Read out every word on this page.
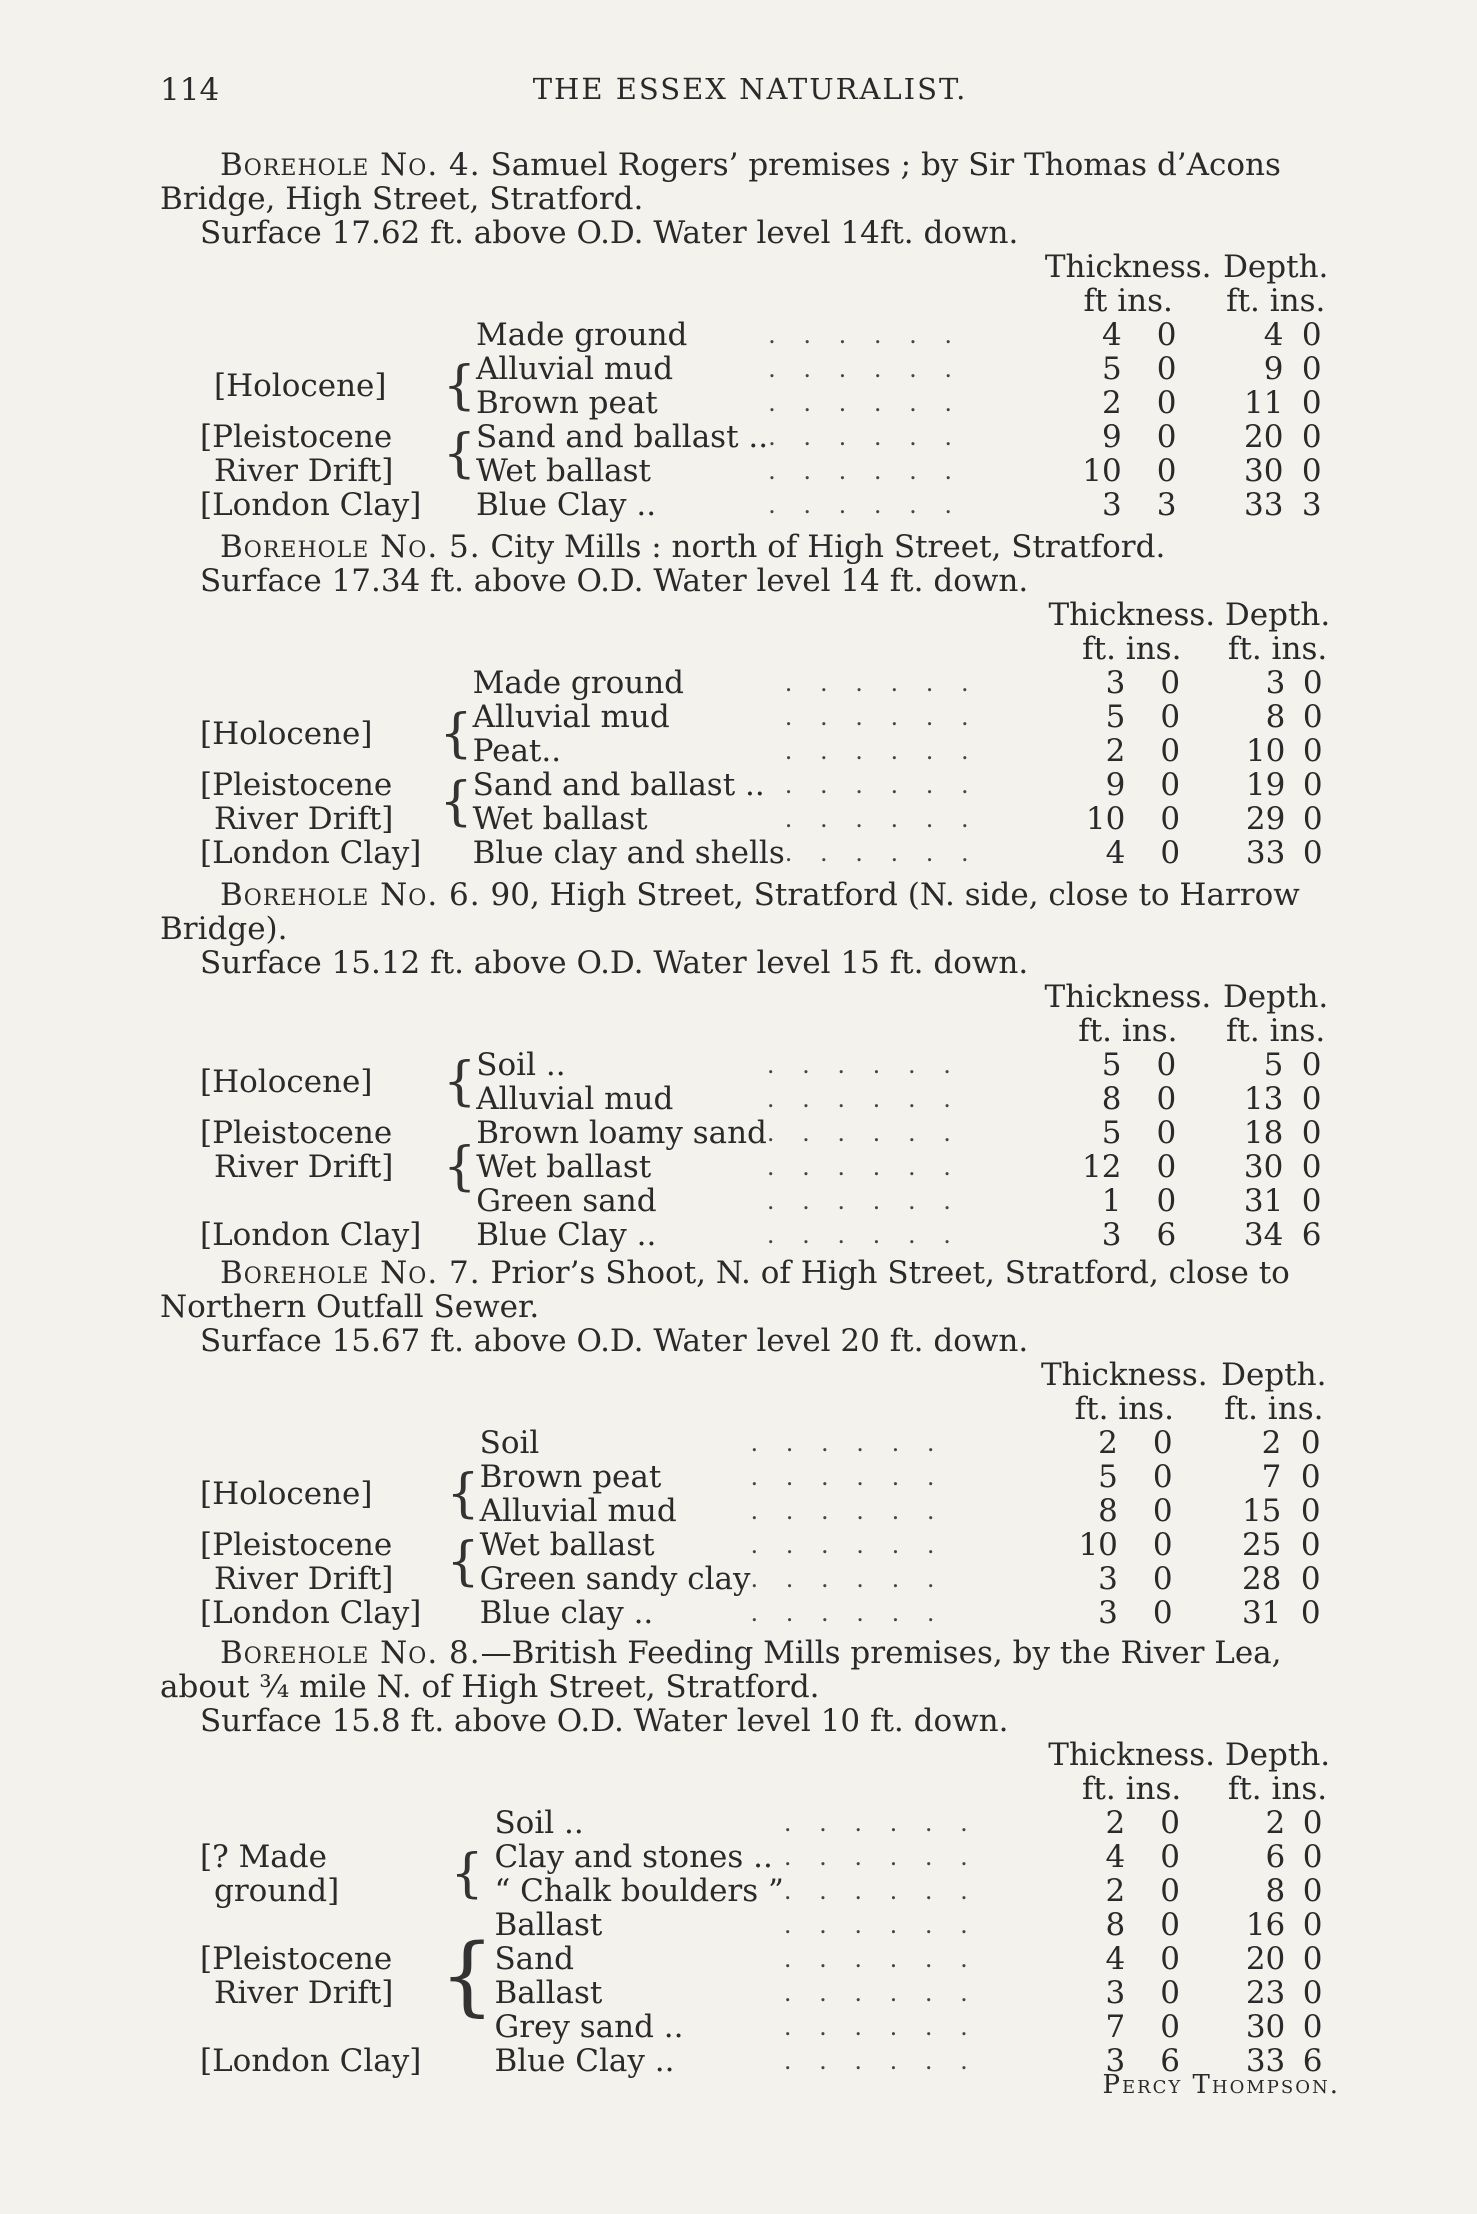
114	THE ESSEX NATURALIST.

Borehole No. 4. Samuel Rogers’ premises ; by Sir Thomas d’Acons Bridge, High Street, Stratford.

Surface 17.62 ft. above O.D. Water level 14ft. down.

				Thickness.		Depth.	
				ft ins.		ft. ins.	
		Made ground	. . . . . .	4	0	4	0
[Holocene]	{	Alluvial mud	. . . . . .	5	0	9	0
		Brown peat	. . . . . .	2	0	11	0
[Pleistocene	{	Sand and ballast ..	. . . . . .	9	0	20	0
River Drift]		Wet ballast	. . . . . .	10	0	30	0
[London Clay]		Blue Clay ..	. . . . . .	3	3	33	3

Borehole No. 5. City Mills : north of High Street, Stratford.

Surface 17.34 ft. above O.D. Water level 14 ft. down.

				Thickness.		Depth.	
				ft. ins.		ft. ins.	
		Made ground	. . . . . .	3	0	3	0
[Holocene]	{	Alluvial mud	. . . . . .	5	0	8	0
		Peat..	. . . . . .	2	0	10	0
[Pleistocene	{	Sand and ballast ..	. . . . . .	9	0	19	0
River Drift]		Wet ballast	. . . . . .	10	0	29	0
[London Clay]		Blue clay and shells	. . . . . .	4	0	33	0

Borehole No. 6. 90, High Street, Stratford (N. side, close to Harrow Bridge).

Surface 15.12 ft. above O.D. Water level 15 ft. down.

				Thickness.		Depth.	
				ft. ins.		ft. ins.	
[Holocene]	{	Soil ..	. . . . . .	5	0	5	0
		Alluvial mud	. . . . . .	8	0	13	0
[Pleistocene	{	Brown loamy sand	. . . . . .	5	0	18	0
River Drift]		Wet ballast	. . . . . .	12	0	30	0
		Green sand	. . . . . .	1	0	31	0
[London Clay]		Blue Clay ..	. . . . . .	3	6	34	6

Borehole No. 7. Prior’s Shoot, N. of High Street, Stratford, close to Northern Outfall Sewer.

Surface 15.67 ft. above O.D. Water level 20 ft. down.

				Thickness.		Depth.	
				ft. ins.		ft. ins.	
		Soil	. . . . . .	2	0	2	0
[Holocene]	{	Brown peat	. . . . . .	5	0	7	0
		Alluvial mud	. . . . . .	8	0	15	0
[Pleistocene	{	Wet ballast	. . . . . .	10	0	25	0
River Drift]		Green sandy clay	. . . . . .	3	0	28	0
[London Clay]		Blue clay ..	. . . . . .	3	0	31	0

Borehole No. 8.—British Feeding Mills premises, by the River Lea, about ¾ mile N. of High Street, Stratford.

Surface 15.8 ft. above O.D. Water level 10 ft. down.

				Thickness.		Depth.	
				ft. ins.		ft. ins.	
		Soil ..	. . . . . .	2	0	2	0
[? Made	{	Clay and stones ..	. . . . . .	4	0	6	0
ground]		“ Chalk boulders ”	. . . . . .	2	0	8	0
	{	Ballast	. . . . . .	8	0	16	0
[Pleistocene		Sand	. . . . . .	4	0	20	0
River Drift]		Ballast	. . . . . .	3	0	23	0
		Grey sand ..	. . . . . .	7	0	30	0
[London Clay]		Blue Clay ..	. . . . . .	3	6	33	6
Percy Thompson.
